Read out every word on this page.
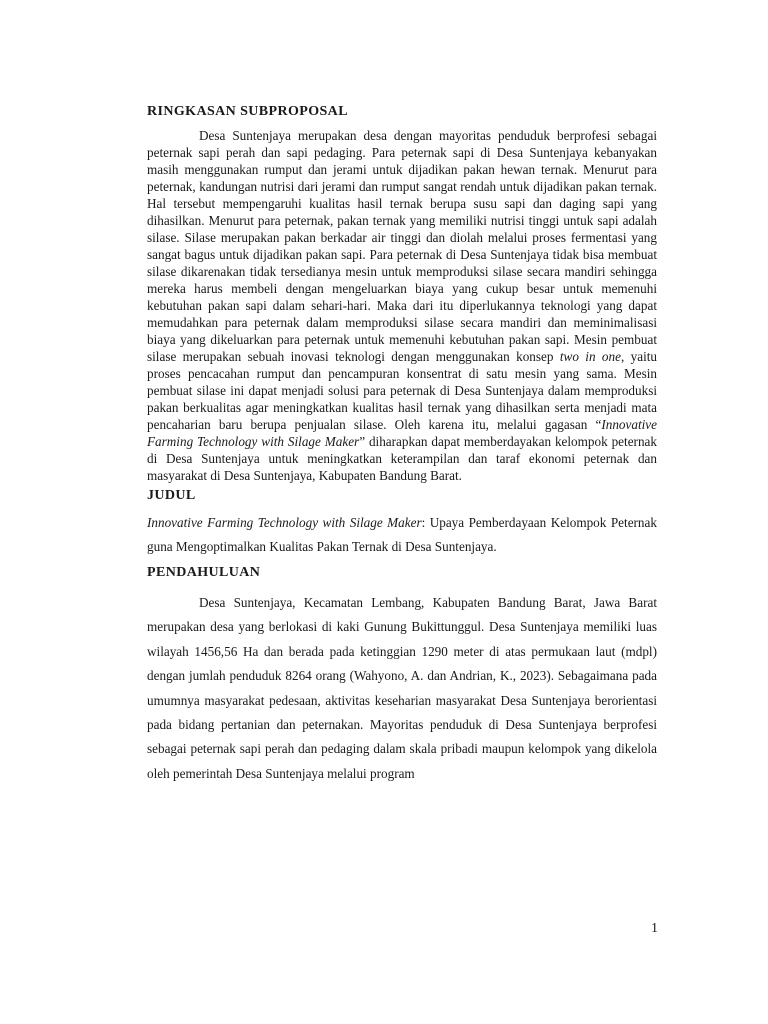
RINGKASAN SUBPROPOSAL

Desa Suntenjaya merupakan desa dengan mayoritas penduduk berprofesi sebagai peternak sapi perah dan sapi pedaging. Para peternak sapi di Desa Suntenjaya kebanyakan masih menggunakan rumput dan jerami untuk dijadikan pakan hewan ternak. Menurut para peternak, kandungan nutrisi dari jerami dan rumput sangat rendah untuk dijadikan pakan ternak. Hal tersebut mempengaruhi kualitas hasil ternak berupa susu sapi dan daging sapi yang dihasilkan. Menurut para peternak, pakan ternak yang memiliki nutrisi tinggi untuk sapi adalah silase. Silase merupakan pakan berkadar air tinggi dan diolah melalui proses fermentasi yang sangat bagus untuk dijadikan pakan sapi. Para peternak di Desa Suntenjaya tidak bisa membuat silase dikarenakan tidak tersedianya mesin untuk memproduksi silase secara mandiri sehingga mereka harus membeli dengan mengeluarkan biaya yang cukup besar untuk memenuhi kebutuhan pakan sapi dalam sehari-hari. Maka dari itu diperlukannya teknologi yang dapat memudahkan para peternak dalam memproduksi silase secara mandiri dan meminimalisasi biaya yang dikeluarkan para peternak untuk memenuhi kebutuhan pakan sapi. Mesin pembuat silase merupakan sebuah inovasi teknologi dengan menggunakan konsep two in one, yaitu proses pencacahan rumput dan pencampuran konsentrat di satu mesin yang sama. Mesin pembuat silase ini dapat menjadi solusi para peternak di Desa Suntenjaya dalam memproduksi pakan berkualitas agar meningkatkan kualitas hasil ternak yang dihasilkan serta menjadi mata pencaharian baru berupa penjualan silase. Oleh karena itu, melalui gagasan “Innovative Farming Technology with Silage Maker” diharapkan dapat memberdayakan kelompok peternak di Desa Suntenjaya untuk meningkatkan keterampilan dan taraf ekonomi peternak dan masyarakat di Desa Suntenjaya, Kabupaten Bandung Barat.

JUDUL

Innovative Farming Technology with Silage Maker: Upaya Pemberdayaan Kelompok Peternak guna Mengoptimalkan Kualitas Pakan Ternak di Desa Suntenjaya.

PENDAHULUAN

Desa Suntenjaya, Kecamatan Lembang, Kabupaten Bandung Barat, Jawa Barat merupakan desa yang berlokasi di kaki Gunung Bukittunggul. Desa Suntenjaya memiliki luas wilayah 1456,56 Ha dan berada pada ketinggian 1290 meter di atas permukaan laut (mdpl) dengan jumlah penduduk 8264 orang (Wahyono, A. dan Andrian, K., 2023). Sebagaimana pada umumnya masyarakat pedesaan, aktivitas keseharian masyarakat Desa Suntenjaya berorientasi pada bidang pertanian dan peternakan. Mayoritas penduduk di Desa Suntenjaya berprofesi sebagai peternak sapi perah dan pedaging dalam skala pribadi maupun kelompok yang dikelola oleh pemerintah Desa Suntenjaya melalui program

1
